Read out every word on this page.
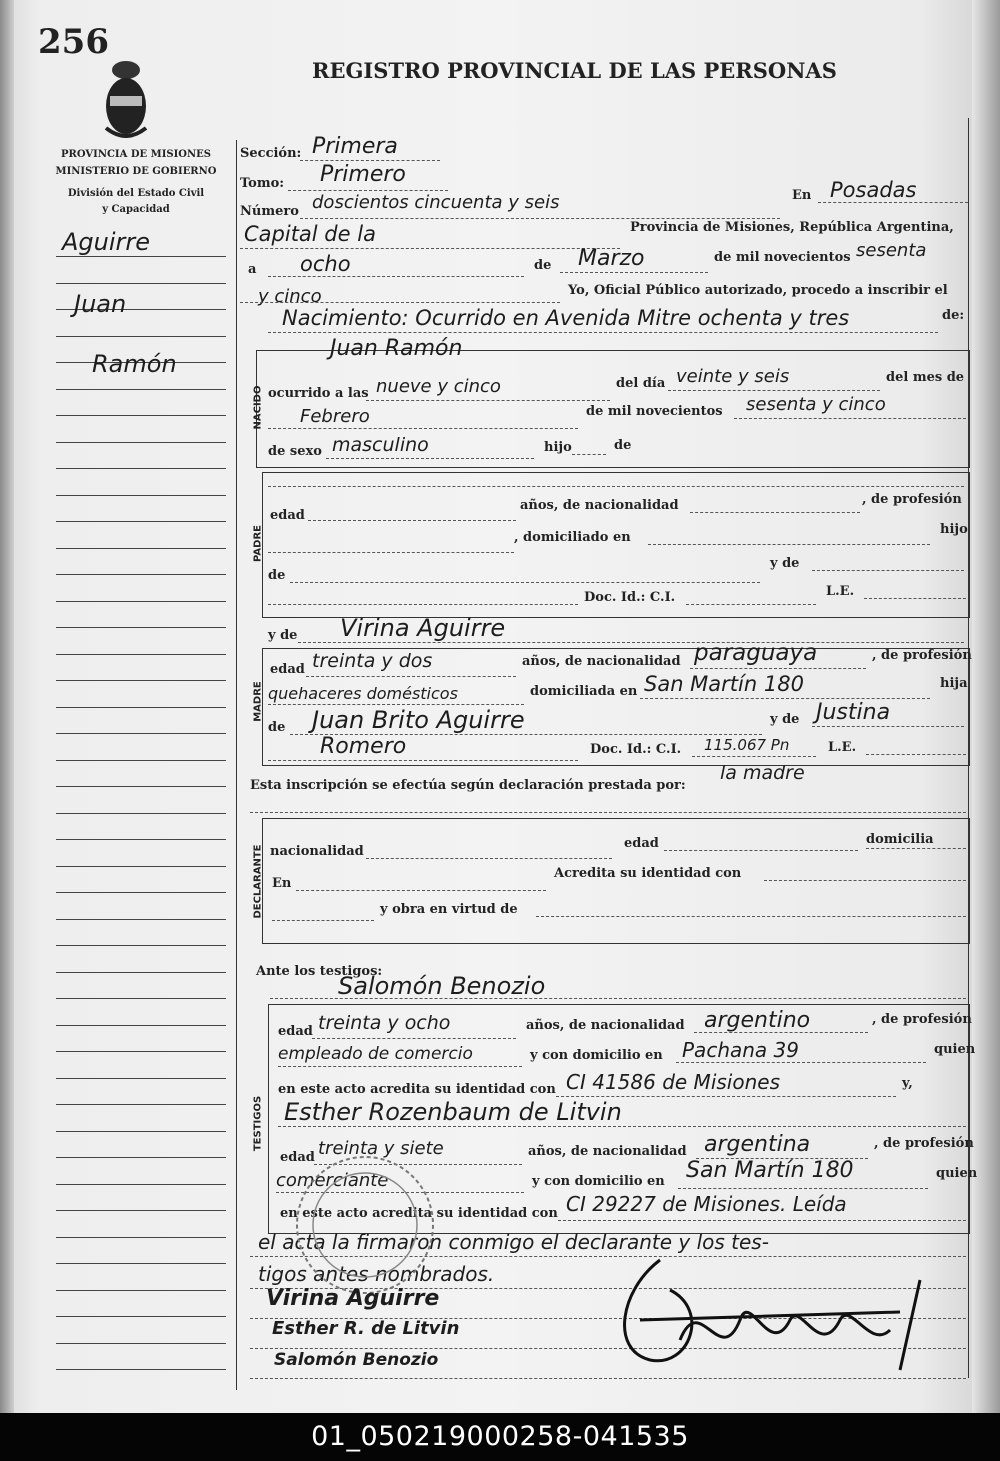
256
REGISTRO PROVINCIAL DE LAS PERSONAS
PROVINCIA DE MISIONES
MINISTERIO DE GOBIERNO
División del Estado Civil
y Capacidad
Aguirre
Juan
Ramón
Sección: Primera
Tomo: Primero
Número doscientos cincuenta y seis	En Posadas
Capital de la	Provincia de Misiones, República Argentina,
a ocho	de Marzo	de mil novecientos sesenta
y cinco	Yo, Oficial Público autorizado, procedo a inscribir el
Nacimiento: Ocurrido en Avenida Mitre ochenta y tres	de:
NACIDO
Juan Ramón
ocurrido a las nueve y cinco	del día veinte y seis	del mes de
Febrero	de mil novecientos sesenta y cinco
de sexo masculino	hijo	de
PADRE
edad
años, de nacionalidad	, de profesión
, domiciliado en
hijo
de
y de
Doc. Id.: C.I.	L.E.
y de Virina Aguirre
MADRE
edad treinta y dos	años, de nacionalidad paraguaya	, de profesión
quehaceres domésticos	domiciliada en San Martín 180	hija
de Juan Brito Aguirre	y de Justina
Romero	Doc. Id.: C.I. 115.067 Pn	L.E.
Esta inscripción se efectúa según declaración prestada por:
la madre
DECLARANTE nacionalidad
edad	domicilia
En
Acredita su identidad con
y obra en virtud de
Ante los testigos:
Salomón Benozio
TESTIGOS
edad treinta y ocho	años, de nacionalidad argentino	, de profesión
empleado de comercio	y con domicilio en Pachana 39	quien
en este acto acredita su identidad con CI 41586 de Misiones	y,
Esther Rozenbaum de Litvin
edad treinta y siete	años, de nacionalidad argentina	, de profesión
comerciante	y con domicilio en San Martín 180	quien
en este acto acredita su identidad con CI 29227 de Misiones. Leída
el acta la firmaron conmigo el declarante y los tes-
tigos antes nombrados.
Virina Aguirre
Esther R. de Litvin
Salomón Benozio
01_050219000258-041535
